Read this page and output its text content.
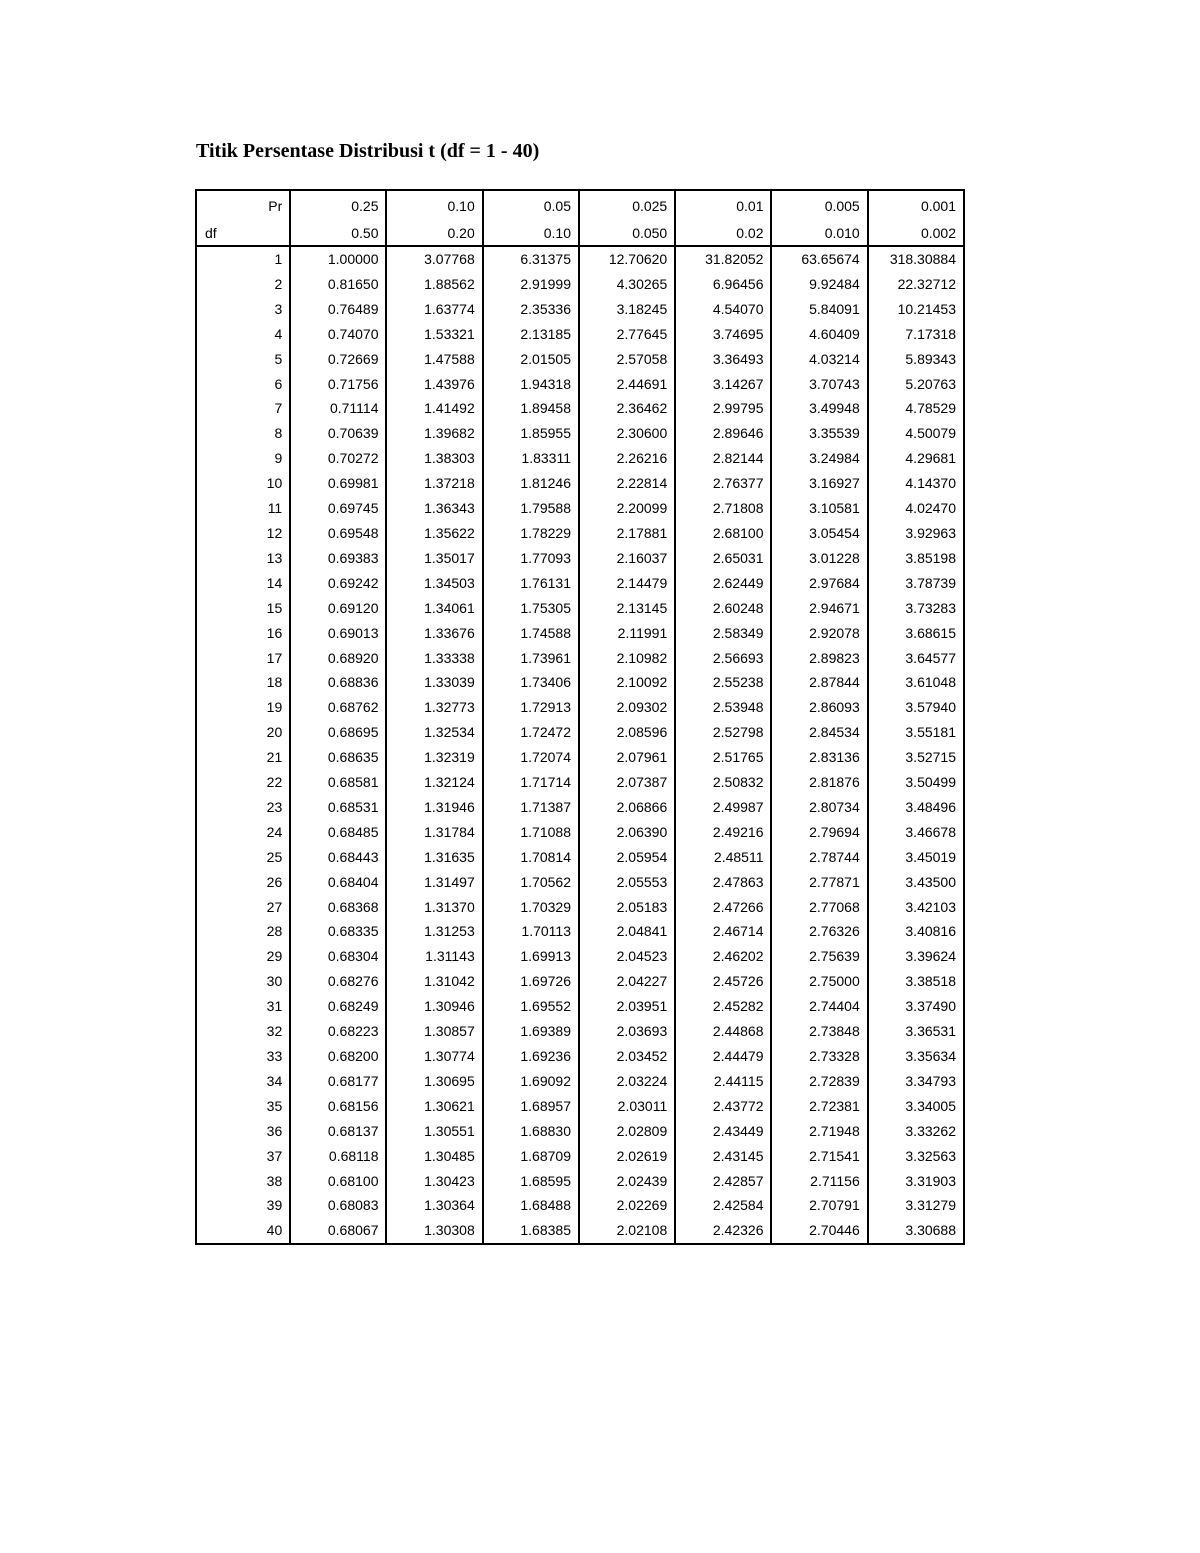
Titik Persentase Distribusi t (df = 1 - 40)
Pr	0.25	0.10	0.05	0.025	0.01	0.005	0.001
df	0.50	0.20	0.10	0.050	0.02	0.010	0.002
1	1.00000	3.07768	6.31375	12.70620	31.82052	63.65674	318.30884
2	0.81650	1.88562	2.91999	4.30265	6.96456	9.92484	22.32712
3	0.76489	1.63774	2.35336	3.18245	4.54070	5.84091	10.21453
4	0.74070	1.53321	2.13185	2.77645	3.74695	4.60409	7.17318
5	0.72669	1.47588	2.01505	2.57058	3.36493	4.03214	5.89343
6	0.71756	1.43976	1.94318	2.44691	3.14267	3.70743	5.20763
7	0.71114	1.41492	1.89458	2.36462	2.99795	3.49948	4.78529
8	0.70639	1.39682	1.85955	2.30600	2.89646	3.35539	4.50079
9	0.70272	1.38303	1.83311	2.26216	2.82144	3.24984	4.29681
10	0.69981	1.37218	1.81246	2.22814	2.76377	3.16927	4.14370
11	0.69745	1.36343	1.79588	2.20099	2.71808	3.10581	4.02470
12	0.69548	1.35622	1.78229	2.17881	2.68100	3.05454	3.92963
13	0.69383	1.35017	1.77093	2.16037	2.65031	3.01228	3.85198
14	0.69242	1.34503	1.76131	2.14479	2.62449	2.97684	3.78739
15	0.69120	1.34061	1.75305	2.13145	2.60248	2.94671	3.73283
16	0.69013	1.33676	1.74588	2.11991	2.58349	2.92078	3.68615
17	0.68920	1.33338	1.73961	2.10982	2.56693	2.89823	3.64577
18	0.68836	1.33039	1.73406	2.10092	2.55238	2.87844	3.61048
19	0.68762	1.32773	1.72913	2.09302	2.53948	2.86093	3.57940
20	0.68695	1.32534	1.72472	2.08596	2.52798	2.84534	3.55181
21	0.68635	1.32319	1.72074	2.07961	2.51765	2.83136	3.52715
22	0.68581	1.32124	1.71714	2.07387	2.50832	2.81876	3.50499
23	0.68531	1.31946	1.71387	2.06866	2.49987	2.80734	3.48496
24	0.68485	1.31784	1.71088	2.06390	2.49216	2.79694	3.46678
25	0.68443	1.31635	1.70814	2.05954	2.48511	2.78744	3.45019
26	0.68404	1.31497	1.70562	2.05553	2.47863	2.77871	3.43500
27	0.68368	1.31370	1.70329	2.05183	2.47266	2.77068	3.42103
28	0.68335	1.31253	1.70113	2.04841	2.46714	2.76326	3.40816
29	0.68304	1.31143	1.69913	2.04523	2.46202	2.75639	3.39624
30	0.68276	1.31042	1.69726	2.04227	2.45726	2.75000	3.38518
31	0.68249	1.30946	1.69552	2.03951	2.45282	2.74404	3.37490
32	0.68223	1.30857	1.69389	2.03693	2.44868	2.73848	3.36531
33	0.68200	1.30774	1.69236	2.03452	2.44479	2.73328	3.35634
34	0.68177	1.30695	1.69092	2.03224	2.44115	2.72839	3.34793
35	0.68156	1.30621	1.68957	2.03011	2.43772	2.72381	3.34005
36	0.68137	1.30551	1.68830	2.02809	2.43449	2.71948	3.33262
37	0.68118	1.30485	1.68709	2.02619	2.43145	2.71541	3.32563
38	0.68100	1.30423	1.68595	2.02439	2.42857	2.71156	3.31903
39	0.68083	1.30364	1.68488	2.02269	2.42584	2.70791	3.31279
40	0.68067	1.30308	1.68385	2.02108	2.42326	2.70446	3.30688
